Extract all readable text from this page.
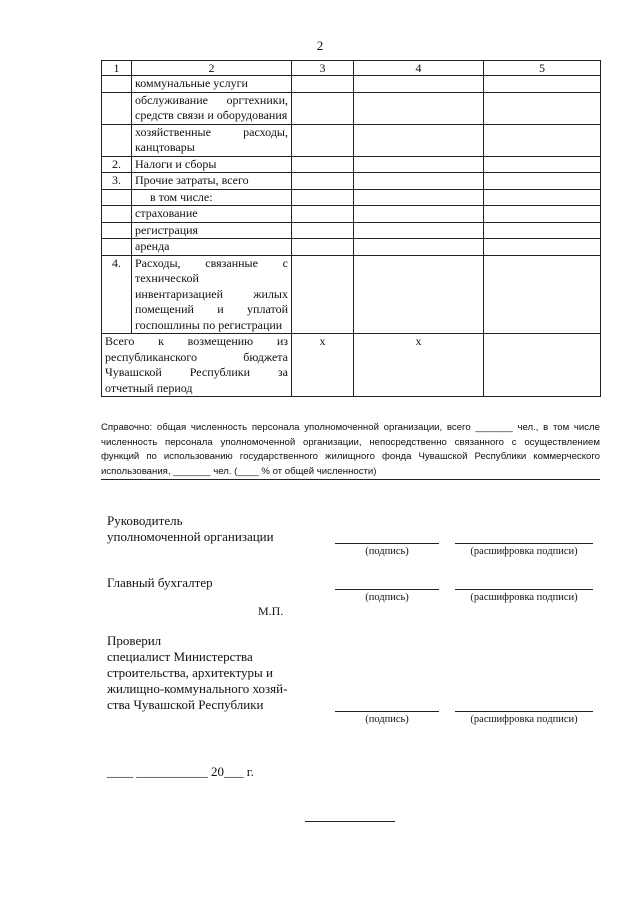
2
1	2	3	4	5
	коммунальные услуги			
	обслуживание оргтехники, средств связи и оборудования			
	хозяйственные расходы, канцтовары			
2.	Налоги и сборы			
3.	Прочие затраты, всего			
	в том числе:			
	страхование			
	регистрация			
	аренда			
4.	Расходы, связанные с технической инвентаризацией жилых помещений и уплатой госпошлины по регистрации			
Всего к возмещению из республиканского бюджета Чувашской Республики за отчетный период		х	х	
Справочно: общая численность персонала уполномоченной организации, всего _______ чел., в том числе численность персонала уполномоченной организации, непосредственно связанного с осуществлением функций по использованию государственного жилищного фонда Чувашской Республики коммерческого использования, _______ чел. (____ % от общей численности)
Руководитель
уполномоченной организации
(подпись)	(расшифровка подписи)
Главный бухгалтер
(подпись)	(расшифровка подписи)
М.П.
Проверил
специалист Министерства
строительства, архитектуры и
жилищно-коммунального хозяй-
ства Чувашской Республики
(подпись)	(расшифровка подписи)
____ ___________ 20___ г.
